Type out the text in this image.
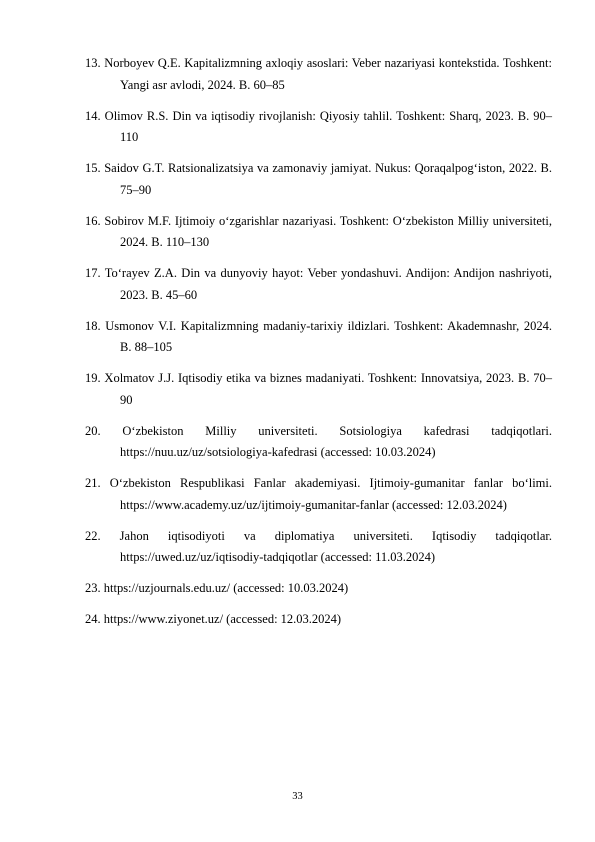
13. Norboyev Q.E. Kapitalizmning axloqiy asoslari: Veber nazariyasi kontekstida. Toshkent: Yangi asr avlodi, 2024. B. 60–85

14. Olimov R.S. Din va iqtisodiy rivojlanish: Qiyosiy tahlil. Toshkent: Sharq, 2023. B. 90–110

15. Saidov G.T. Ratsionalizatsiya va zamonaviy jamiyat. Nukus: Qoraqalpog‘iston, 2022. B. 75–90

16. Sobirov M.F. Ijtimoiy o‘zgarishlar nazariyasi. Toshkent: O‘zbekiston Milliy universiteti, 2024. B. 110–130

17. To‘rayev Z.A. Din va dunyoviy hayot: Veber yondashuvi. Andijon: Andijon nashriyoti, 2023. B. 45–60

18. Usmonov V.I. Kapitalizmning madaniy-tarixiy ildizlari. Toshkent: Akademnashr, 2024. B. 88–105

19. Xolmatov J.J. Iqtisodiy etika va biznes madaniyati. Toshkent: Innovatsiya, 2023. B. 70–90

20. O‘zbekiston Milliy universiteti. Sotsiologiya kafedrasi tadqiqotlari. https://nuu.uz/uz/sotsiologiya-kafedrasi (accessed: 10.03.2024)

21. O‘zbekiston Respublikasi Fanlar akademiyasi. Ijtimoiy-gumanitar fanlar bo‘limi. https://www.academy.uz/uz/ijtimoiy-gumanitar-fanlar (accessed: 12.03.2024)

22. Jahon iqtisodiyoti va diplomatiya universiteti. Iqtisodiy tadqiqotlar. https://uwed.uz/uz/iqtisodiy-tadqiqotlar (accessed: 11.03.2024)

23. https://uzjournals.edu.uz/ (accessed: 10.03.2024)

24. https://www.ziyonet.uz/ (accessed: 12.03.2024)

33
